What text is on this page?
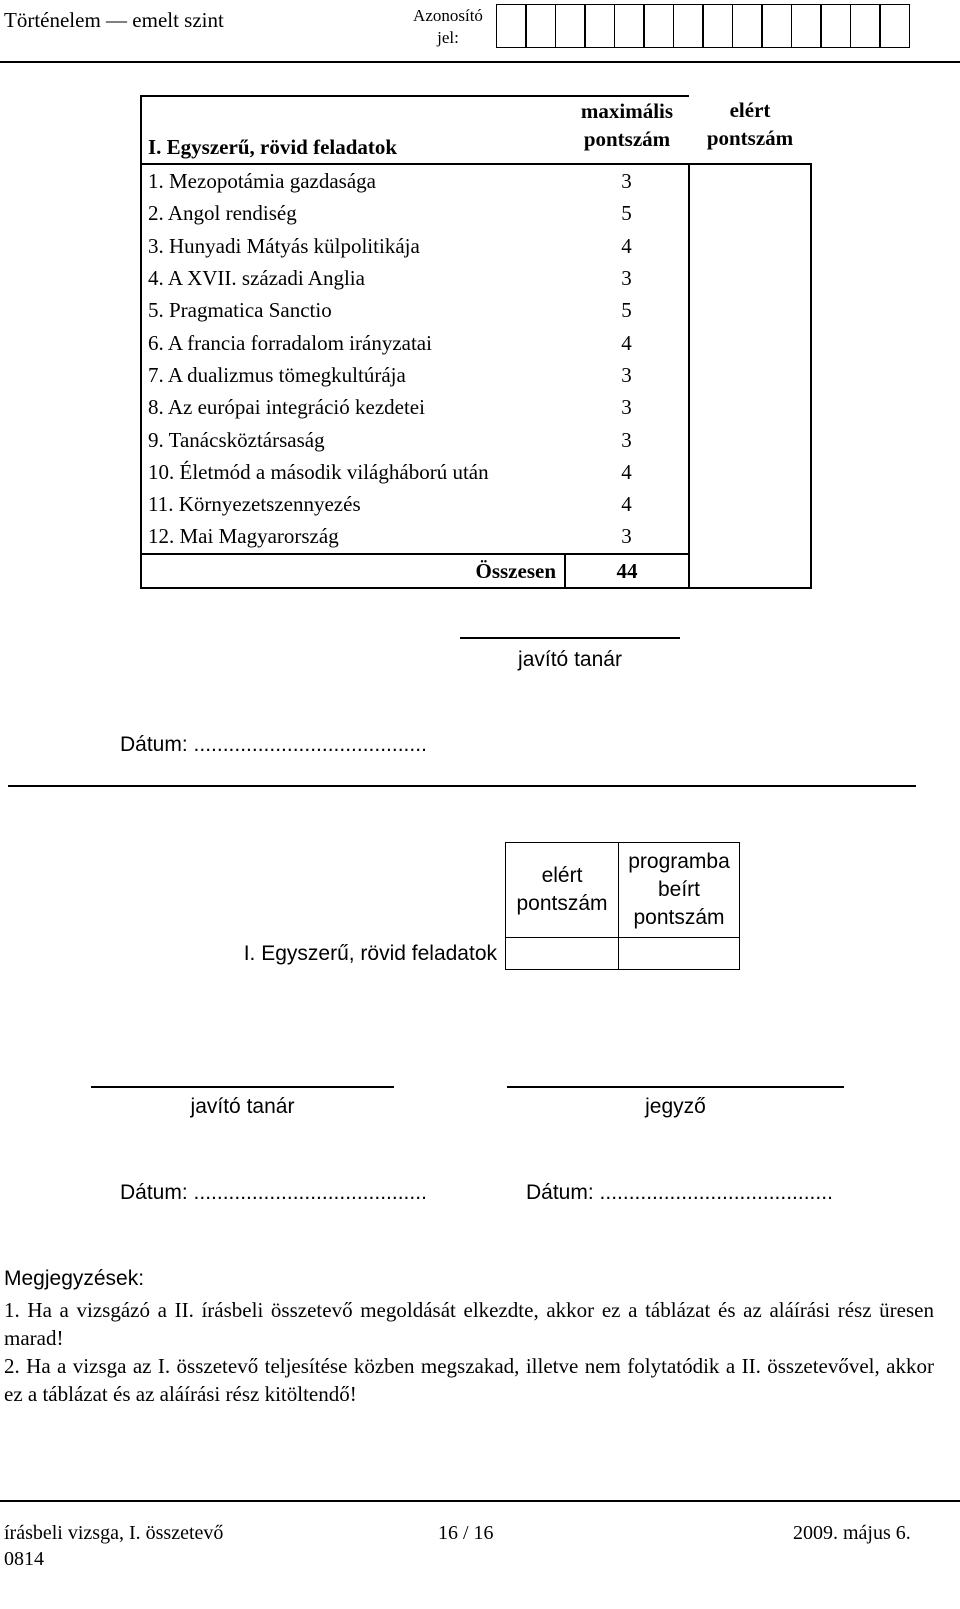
Történelem — emelt szint	Azonosító jel:
I. Egyszerű, rövid feladatok	maximális pontszám	elért pontszám
1. Mezopotámia gazdasága	3	
2. Angol rendiség	5	
3. Hunyadi Mátyás külpolitikája	4	
4. A XVII. századi Anglia	3	
5. Pragmatica Sanctio	5	
6. A francia forradalom irányzatai	4	
7. A dualizmus tömegkultúrája	3	
8. Az európai integráció kezdetei	3	
9. Tanácsköztársaság	3	
10. Életmód a második világháború után	4	
11. Környezetszennyezés	4	
12. Mai Magyarország	3	
Összesen	44	
javító tanár
Dátum: ........................................
	elért pontszám	programba beírt pontszám
I. Egyszerű, rövid feladatok		
javító tanár	jegyző
Dátum: ........................................	Dátum: ........................................

Megjegyzések:

1. Ha a vizsgázó a II. írásbeli összetevő megoldását elkezdte, akkor ez a táblázat és az aláírási rész üresen marad!

2. Ha a vizsga az I. összetevő teljesítése közben megszakad, illetve nem folytatódik a II. összetevővel, akkor ez a táblázat és az aláírási rész kitöltendő!

írásbeli vizsga, I. összetevő
0814
16 / 16	2009. május 6.
